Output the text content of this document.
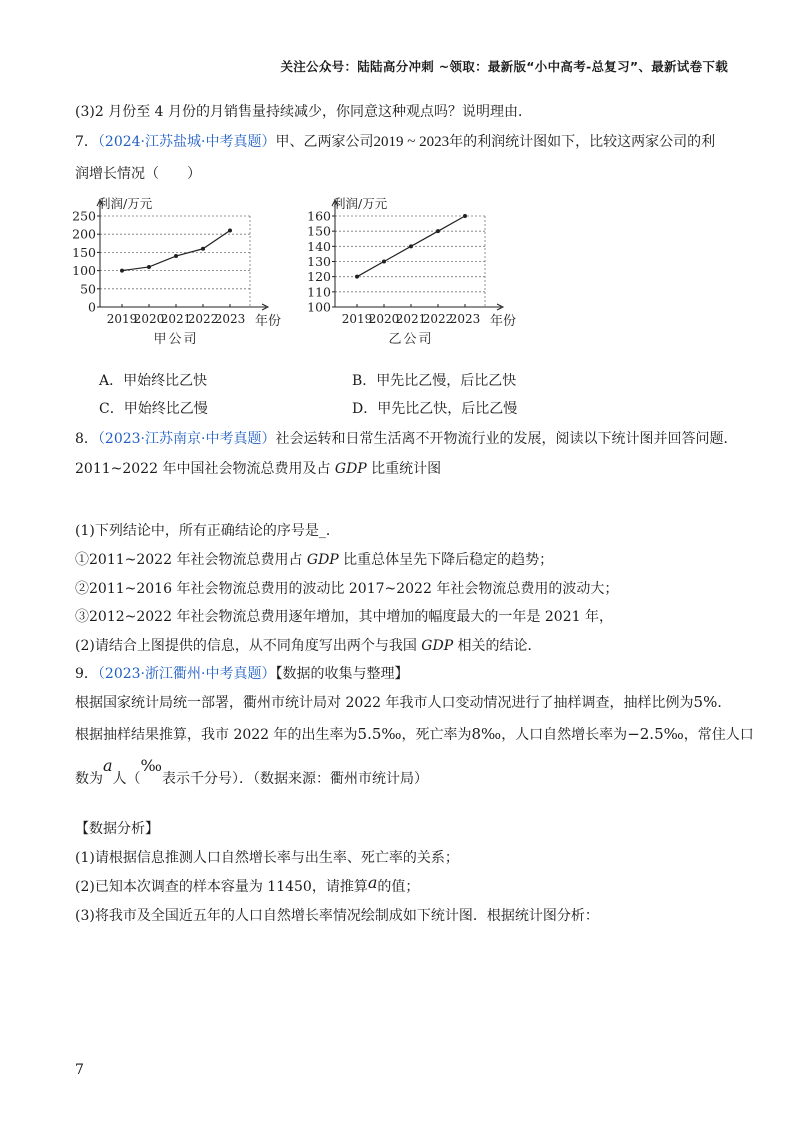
关注公众号：陆陆高分冲刺 ~领取：最新版“小中高考-总复习”、最新试卷下载
(3)2 月份至 4 月份的月销售量持续减少，你同意这种观点吗？说明理由．
7．（2024·江苏盐城·中考真题）甲、乙两家公司2019 ~ 2023年的利润统计图如下，比较这两家公司的利
润增长情况（　　）
利润/万元
0
50
100
150
200
250
2019
2020
2021
2022
2023 年份
甲公司
利润/万元
100
110
120
130
140
150
160
2019
2020
2021
2022
2023 年份
乙公司
A．甲始终比乙快	B．甲先比乙慢，后比乙快
C．甲始终比乙慢	D．甲先比乙快，后比乙慢
8．（2023·江苏南京·中考真题）社会运转和日常生活离不开物流行业的发展，阅读以下统计图并回答问题．
2011~2022 年中国社会物流总费用及占 GDP 比重统计图
(1)下列结论中，所有正确结论的序号是_．
①2011~2022 年社会物流总费用占 GDP 比重总体呈先下降后稳定的趋势；
②2011~2016 年社会物流总费用的波动比 2017~2022 年社会物流总费用的波动大；
③2012~2022 年社会物流总费用逐年增加，其中增加的幅度最大的一年是 2021 年，
(2)请结合上图提供的信息，从不同角度写出两个与我国 GDP 相关的结论．
9．（2023·浙江衢州·中考真题）【数据的收集与整理】
根据国家统计局统一部署，衢州市统计局对 2022 年我市人口变动情况进行了抽样调查，抽样比例为5%．
根据抽样结果推算，我市 2022 年的出生率为5.5‰，死亡率为8‰，人口自然增长率为−2.5‰，常住人口
数为a人（‰表示千分号）．（数据来源：衢州市统计局）
【数据分析】
(1)请根据信息推测人口自然增长率与出生率、死亡率的关系；
(2)已知本次调查的样本容量为 11450，请推算a的值；
(3)将我市及全国近五年的人口自然增长率情况绘制成如下统计图．根据统计图分析：
7
